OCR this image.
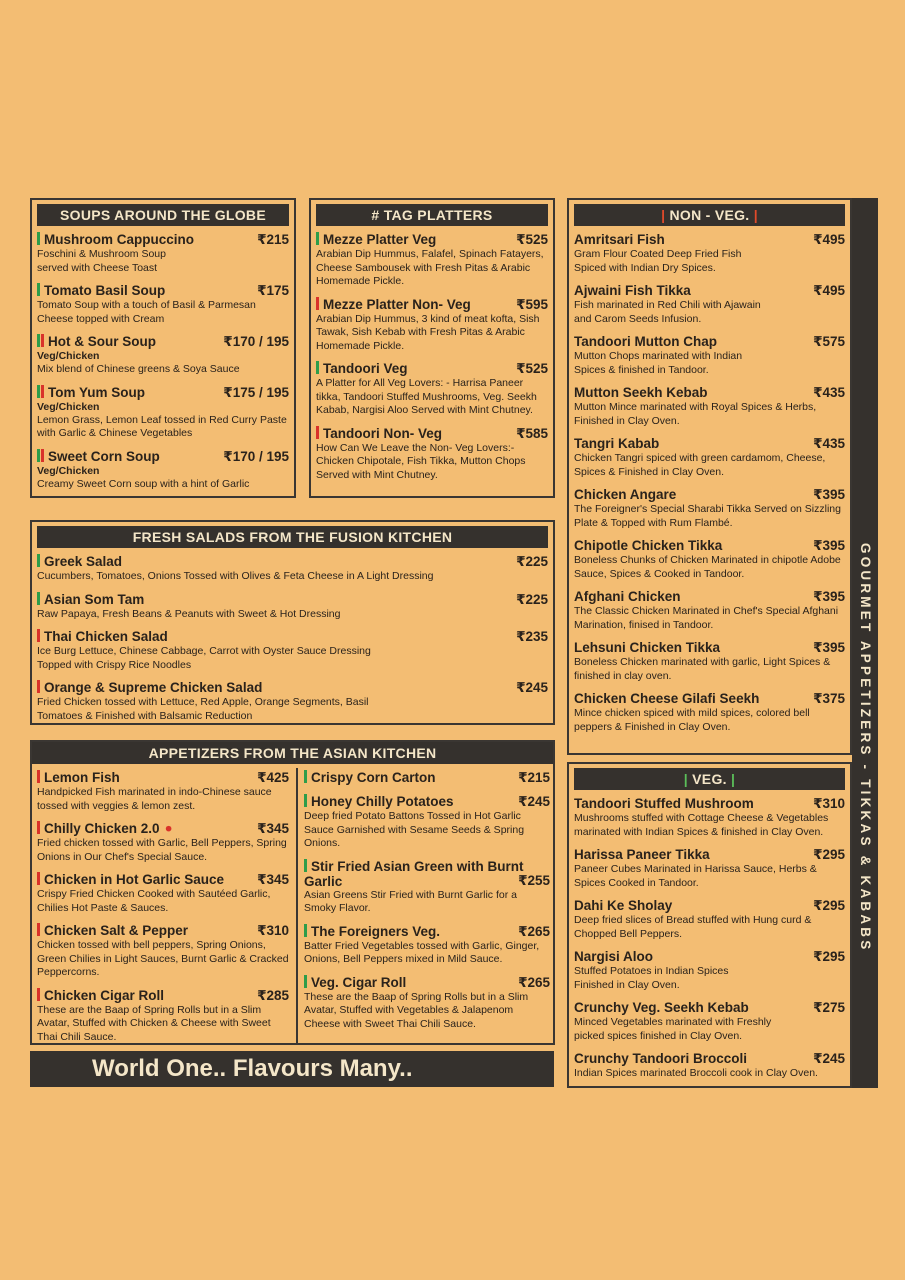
SOUPS AROUND THE GLOBE
Mushroom Cappuccino	₹215
Foschini & Mushroom Soup served with Cheese Toast
Tomato Basil Soup	₹175
Tomato Soup with a touch of Basil & Parmesan Cheese topped with Cream
Hot & Sour Soup	₹170 / 195
Veg/Chicken
Mix blend of Chinese greens & Soya Sauce
Tom Yum Soup	₹175 / 195
Veg/Chicken
Lemon Grass, Lemon Leaf tossed in Red Curry Paste with Garlic & Chinese Vegetables
Sweet Corn Soup	₹170 / 195
Veg/Chicken
Creamy Sweet Corn soup with a hint of Garlic
# TAG PLATTERS
Mezze Platter Veg	₹525
Arabian Dip Hummus, Falafel, Spinach Fatayers, Cheese Sambousek with Fresh Pitas & Arabic Homemade Pickle.
Mezze Platter Non- Veg	₹595
Arabian Dip Hummus, 3 kind of meat kofta, Sish Tawak, Sish Kebab with Fresh Pitas & Arabic Homemade Pickle.
Tandoori Veg	₹525
A Platter for All Veg Lovers: - Harrisa Paneer tikka, Tandoori Stuffed Mushrooms, Veg. Seekh Kabab, Nargisi Aloo Served with Mint Chutney.
Tandoori Non- Veg	₹585
How Can We Leave the Non- Veg Lovers:- Chicken Chipotale, Fish Tikka, Mutton Chops Served with Mint Chutney.
FRESH SALADS FROM THE FUSION KITCHEN
Greek Salad	₹225
Cucumbers, Tomatoes, Onions Tossed with Olives & Feta Cheese in A Light Dressing
Asian Som Tam	₹225
Raw Papaya, Fresh Beans & Peanuts with Sweet & Hot Dressing
Thai Chicken Salad	₹235
Ice Burg Lettuce, Chinese Cabbage, Carrot with Oyster Sauce Dressing Topped with Crispy Rice Noodles
Orange & Supreme Chicken Salad	₹245
Fried Chicken tossed with Lettuce, Red Apple, Orange Segments, Basil Tomatoes & Finished with Balsamic Reduction
APPETIZERS FROM THE ASIAN KITCHEN
Lemon Fish	₹425
Handpicked Fish marinated in indo-Chinese sauce tossed with veggies & lemon zest.
Chilly Chicken 2.0 ⚫︎	₹345
Fried chicken tossed with Garlic, Bell Peppers, Spring Onions in Our Chef's Special Sauce.
Chicken in Hot Garlic Sauce ₹345
Crispy Fried Chicken Cooked with Sautéed Garlic, Chilies Hot Paste & Sauces.
Chicken Salt & Pepper	₹310
Chicken tossed with bell peppers, Spring Onions, Green Chilies in Light Sauces, Burnt Garlic & Cracked Peppercorns.
Chicken Cigar Roll	₹285
These are the Baap of Spring Rolls but in a Slim Avatar, Stuffed with Chicken & Cheese with Sweet Thai Chili Sauce.
Crispy Corn Carton	₹215
Honey Chilly Potatoes	₹245
Deep fried Potato Battons Tossed in Hot Garlic Sauce Garnished with Sesame Seeds & Spring Onions.
Stir Fried Asian Green with Burnt Garlic	₹255
Asian Greens Stir Fried with Burnt Garlic for a Smoky Flavor.
The Foreigners Veg.	₹265
Batter Fried Vegetables tossed with Garlic, Ginger, Onions, Bell Peppers mixed in Mild Sauce.
Veg. Cigar Roll	₹265
These are the Baap of Spring Rolls but in a Slim Avatar, Stuffed with Vegetables & Jalapenom Cheese with Sweet Thai Chili Sauce.
World One.. Flavours Many..
| NON - VEG. |
Amritsari Fish	₹495
Gram Flour Coated Deep Fried Fish Spiced with Indian Dry Spices.
Ajwaini Fish Tikka	₹495
Fish marinated in Red Chili with Ajawain and Carom Seeds Infusion.
Tandoori Mutton Chap	₹575
Mutton Chops marinated with Indian Spices & finished in Tandoor.
Mutton Seekh Kebab	₹435
Mutton Mince marinated with Royal Spices & Herbs, Finished in Clay Oven.
Tangri Kabab	₹435
Chicken Tangri spiced with green cardamom, Cheese, Spices & Finished in Clay Oven.
Chicken Angare	₹395
The Foreigner's Special Sharabi Tikka Served on Sizzling Plate & Topped with Rum Flambé.
Chipotle Chicken Tikka	₹395
Boneless Chunks of Chicken Marinated in chipotle Adobe Sauce, Spices & Cooked in Tandoor.
Afghani Chicken	₹395
The Classic Chicken Marinated in Chef's Special Afghani Marination, finised in Tandoor.
Lehsuni Chicken Tikka	₹395
Boneless Chicken marinated with garlic, Light Spices & finished in clay oven.
Chicken Cheese Gilafi Seekh	₹375
Mince chicken spiced with mild spices, colored bell peppers & Finished in Clay Oven.
| VEG. |
Tandoori Stuffed Mushroom	₹310
Mushrooms stuffed with Cottage Cheese & Vegetables marinated with Indian Spices & finished in Clay Oven.
Harissa Paneer Tikka	₹295
Paneer Cubes Marinated in Harissa Sauce, Herbs & Spices Cooked in Tandoor.
Dahi Ke Sholay	₹295
Deep fried slices of Bread stuffed with Hung curd & Chopped Bell Peppers.
Nargisi Aloo	₹295
Stuffed Potatoes in Indian Spices Finished in Clay Oven.
Crunchy Veg. Seekh Kebab	₹275
Minced Vegetables marinated with Freshly picked spices finished in Clay Oven.
Crunchy Tandoori Broccoli	₹245
Indian Spices marinated Broccoli cook in Clay Oven.
GOURMET APPETIZERS - TIKKAS & KABABS
